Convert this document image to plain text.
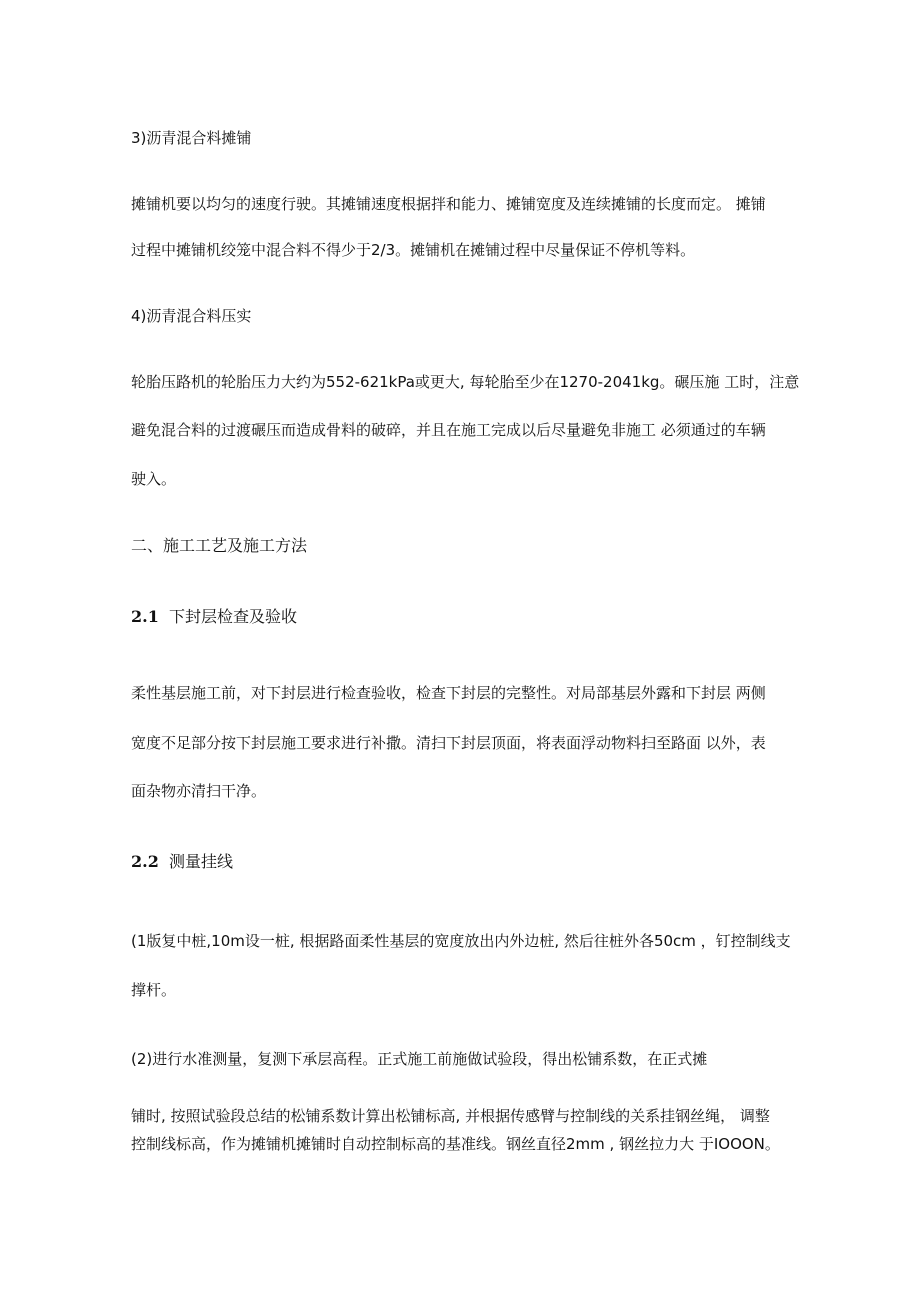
3)沥青混合料摊铺
摊铺机要以均匀的速度行驶。其摊铺速度根据拌和能力、摊铺宽度及连续摊铺的长度而定。 摊铺
过程中摊铺机绞笼中混合料不得少于2/3。摊铺机在摊铺过程中尽量保证不停机等料。
4)沥青混合料压实
轮胎压路机的轮胎压力大约为552-621kPa或更大, 每轮胎至少在1270-2041kg。碾压施 工时，注意
避免混合料的过渡碾压而造成骨料的破碎，并且在施工完成以后尽量避免非施工 必须通过的车辆
驶入。
二、施工工艺及施工方法
2.1 下封层检查及验收
柔性基层施工前，对下封层进行检查验收，检查下封层的完整性。对局部基层外露和下封层 两侧
宽度不足部分按下封层施工要求进行补撒。清扫下封层顶面，将表面浮动物料扫至路面 以外，表
面杂物亦清扫干净。
2.2 测量挂线
(1版复中桩,10m设一桩, 根据路面柔性基层的宽度放出内外边桩, 然后往桩外各50cm ，钉控制线支
撑杆。
(2)进行水准测量，复测下承层高程。正式施工前施做试验段，得出松铺系数，在正式摊
铺时, 按照试验段总结的松铺系数计算出松铺标高, 并根据传感臂与控制线的关系挂钢丝绳， 调整
控制线标高，作为摊铺机摊铺时自动控制标高的基准线。钢丝直径2mm , 钢丝拉力大 于IOOON。
